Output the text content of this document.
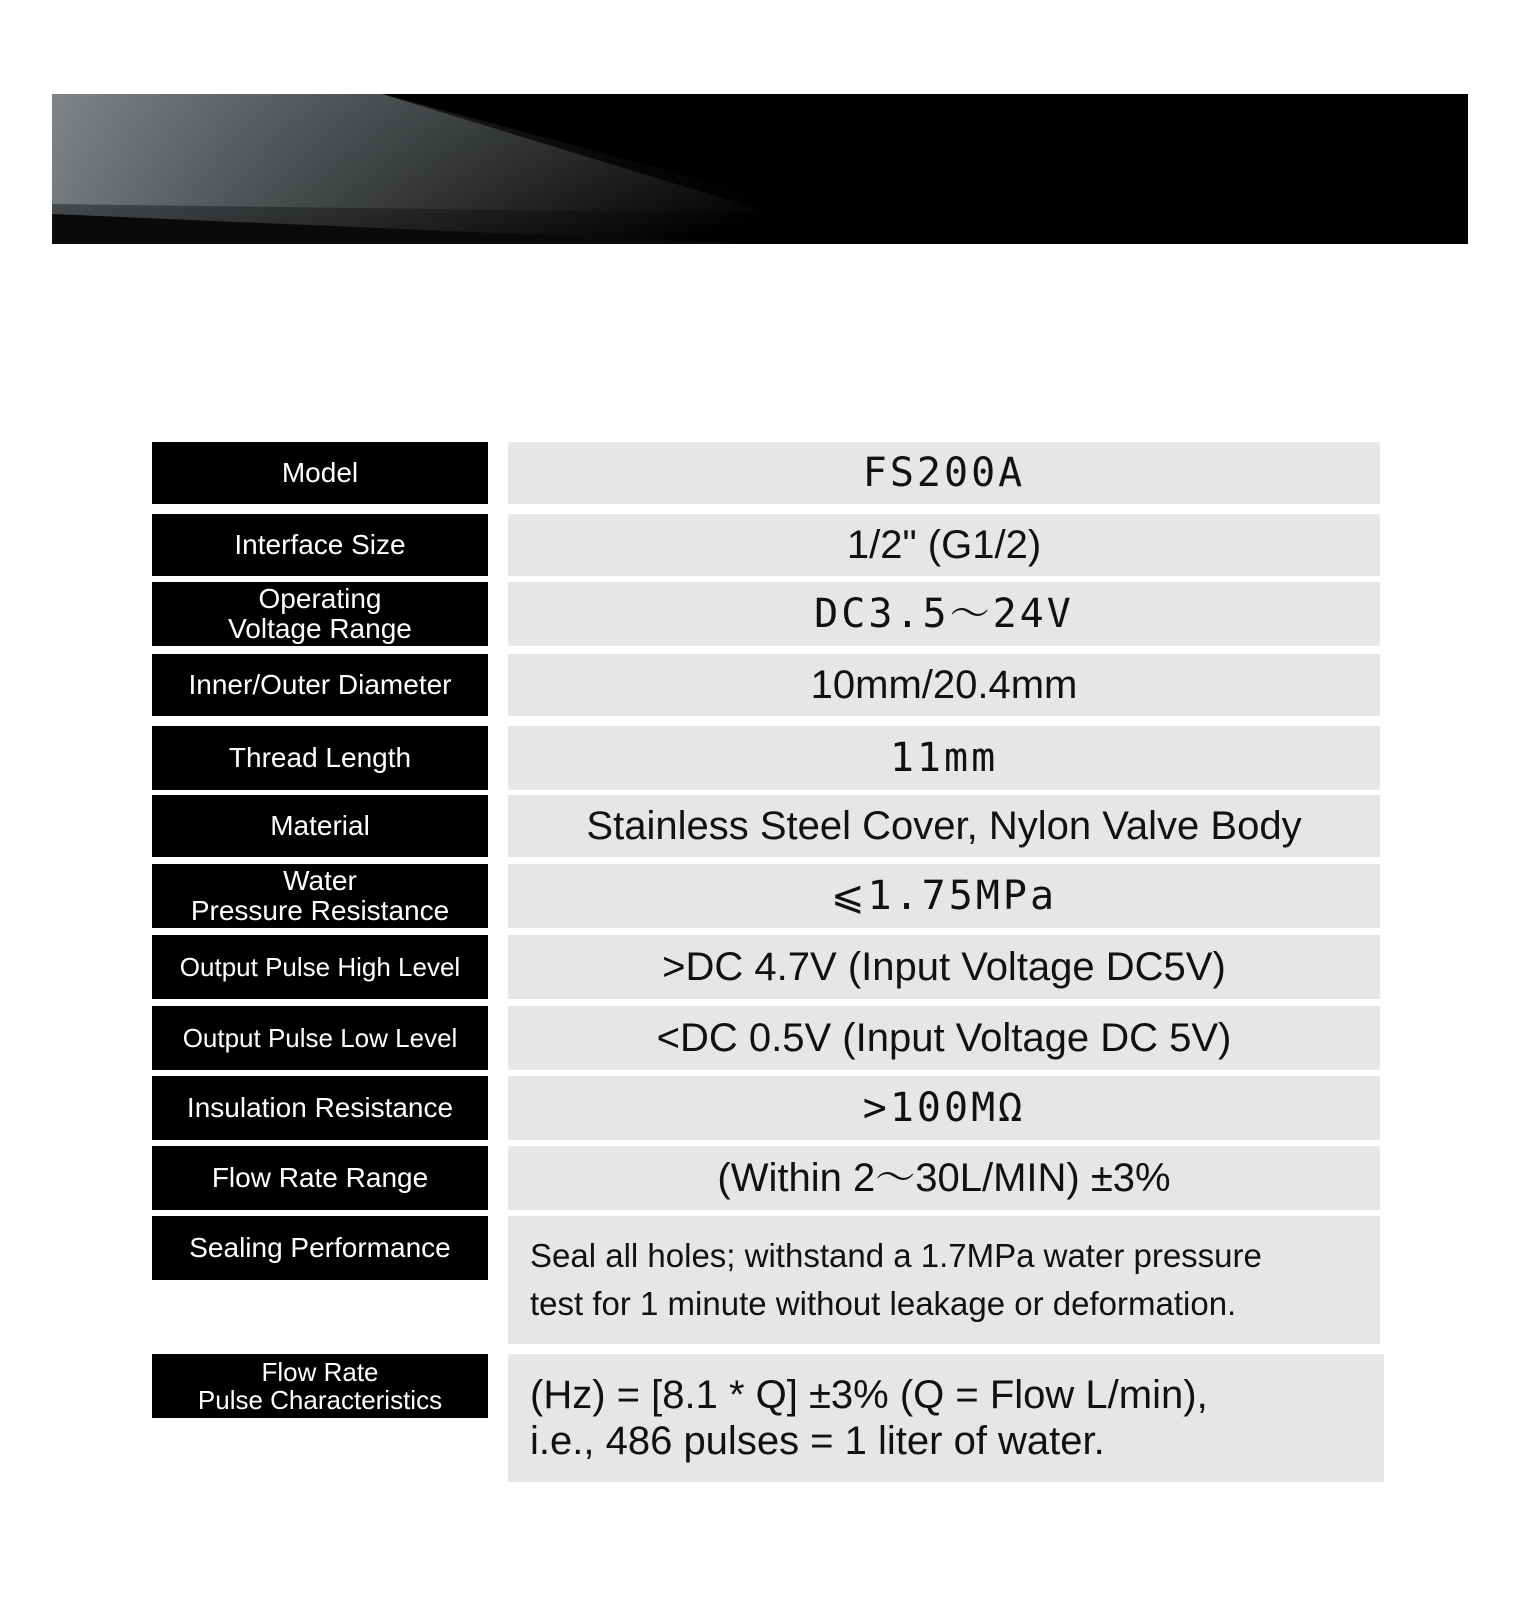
Model	FS200A
Interface Size	1/2" (G1/2)
Operating
Voltage Range	DC3.5～24V
Inner/Outer Diameter	10mm/20.4mm
Thread Length	11mm
Material	Stainless Steel Cover, Nylon Valve Body
Water
Pressure Resistance	⩽1.75MPa
Output Pulse High Level	>DC 4.7V (Input Voltage DC5V)
Output Pulse Low Level	<DC 0.5V (Input Voltage DC 5V)
Insulation Resistance	>100MΩ
Flow Rate Range	(Within 2～30L/MIN) ±3%
Sealing Performance	Seal all holes; withstand a 1.7MPa water pressure
test for 1 minute without leakage or deformation.
Flow Rate
Pulse Characteristics	(Hz) = [8.1 * Q] ±3% (Q = Flow L/min),
i.e., 486 pulses = 1 liter of water.
